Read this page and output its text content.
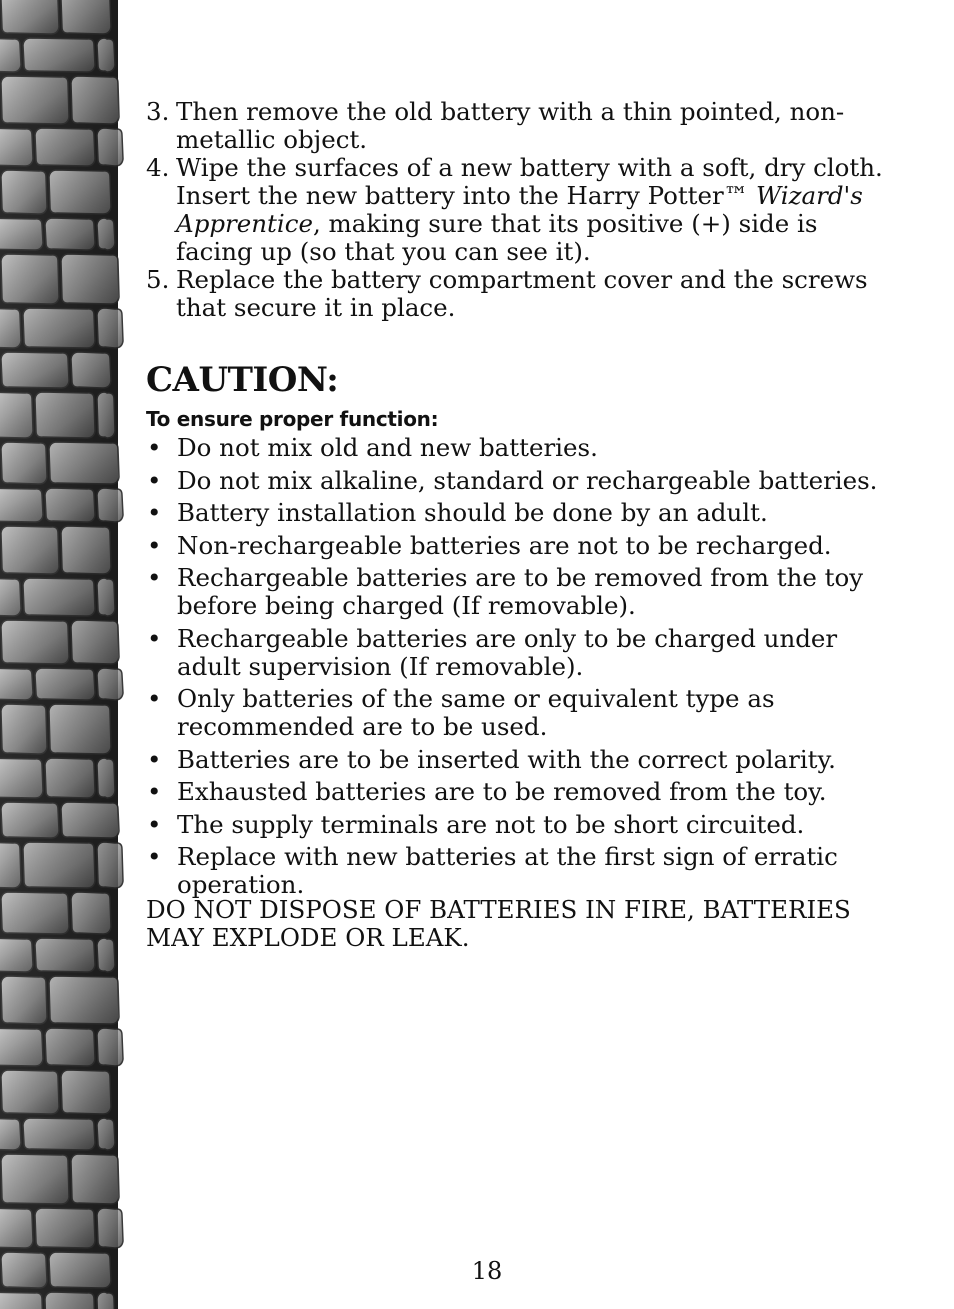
3. Then remove the old battery with a thin pointed, non-metallic object.
4. Wipe the surfaces of a new battery with a soft, dry cloth. Insert the new battery into the Harry Potter™ Wizard's Apprentice, making sure that its positive (+) side is facing up (so that you can see it).
5. Replace the battery compartment cover and the screws that secure it in place.
CAUTION:
To ensure proper function:
• Do not mix old and new batteries.
• Do not mix alkaline, standard or rechargeable batteries.
• Battery installation should be done by an adult.
• Non-rechargeable batteries are not to be recharged.
• Rechargeable batteries are to be removed from the toy before being charged (If removable).
• Rechargeable batteries are only to be charged under adult supervision (If removable).
• Only batteries of the same or equivalent type as recommended are to be used.
• Batteries are to be inserted with the correct polarity.
• Exhausted batteries are to be removed from the toy.
• The supply terminals are not to be short circuited.
• Replace with new batteries at the first sign of erratic operation.
DO NOT DISPOSE OF BATTERIES IN FIRE, BATTERIES MAY EXPLODE OR LEAK.
18
